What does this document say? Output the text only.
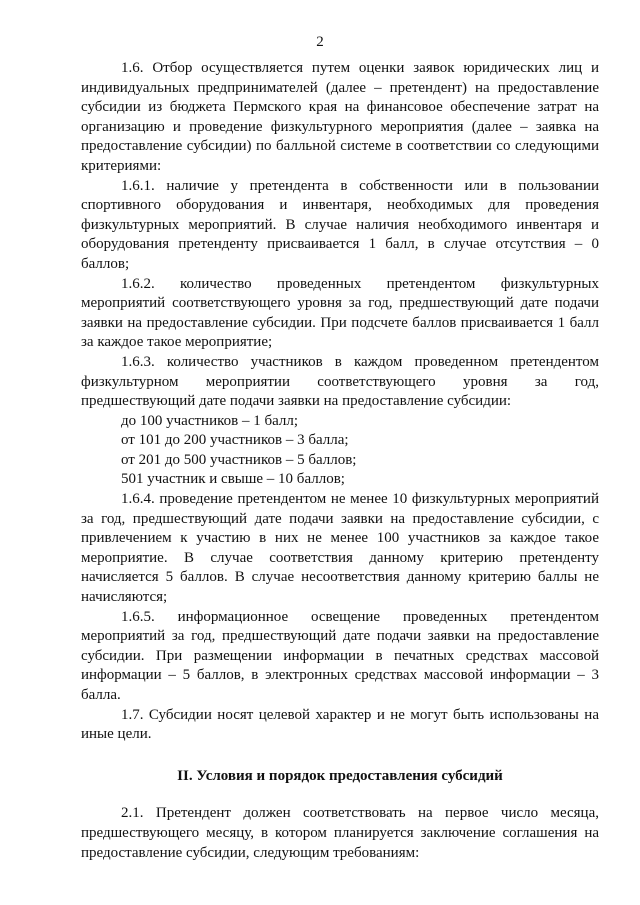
2

1.6. Отбор осуществляется путем оценки заявок юридических лиц и индивидуальных предпринимателей (далее – претендент) на предоставление субсидии из бюджета Пермского края на финансовое обеспечение затрат на организацию и проведение физкультурного мероприятия (далее – заявка на предоставление субсидии) по балльной системе в соответствии со следующими критериями:

1.6.1. наличие у претендента в собственности или в пользовании спортивного оборудования и инвентаря, необходимых для проведения физкультурных мероприятий. В случае наличия необходимого инвентаря и оборудования претенденту присваивается 1 балл, в случае отсутствия – 0 баллов;

1.6.2. количество проведенных претендентом физкультурных мероприятий соответствующего уровня за год, предшествующий дате подачи заявки на предоставление субсидии. При подсчете баллов присваивается 1 балл за каждое такое мероприятие;

1.6.3. количество участников в каждом проведенном претендентом физкультурном мероприятии соответствующего уровня за год, предшествующий дате подачи заявки на предоставление субсидии:

до 100 участников – 1 балл;

от 101 до 200 участников – 3 балла;

от 201 до 500 участников – 5 баллов;

501 участник и свыше – 10 баллов;

1.6.4. проведение претендентом не менее 10 физкультурных мероприятий за год, предшествующий дате подачи заявки на предоставление субсидии, с привлечением к участию в них не менее 100 участников за каждое такое мероприятие. В случае соответствия данному критерию претенденту начисляется 5 баллов. В случае несоответствия данному критерию баллы не начисляются;

1.6.5. информационное освещение проведенных претендентом мероприятий за год, предшествующий дате подачи заявки на предоставление субсидии. При размещении информации в печатных средствах массовой информации – 5 баллов, в электронных средствах массовой информации – 3 балла.

1.7. Субсидии носят целевой характер и не могут быть использованы на иные цели.

II. Условия и порядок предоставления субсидий

2.1. Претендент должен соответствовать на первое число месяца, предшествующего месяцу, в котором планируется заключение соглашения на предоставление субсидии, следующим требованиям:
